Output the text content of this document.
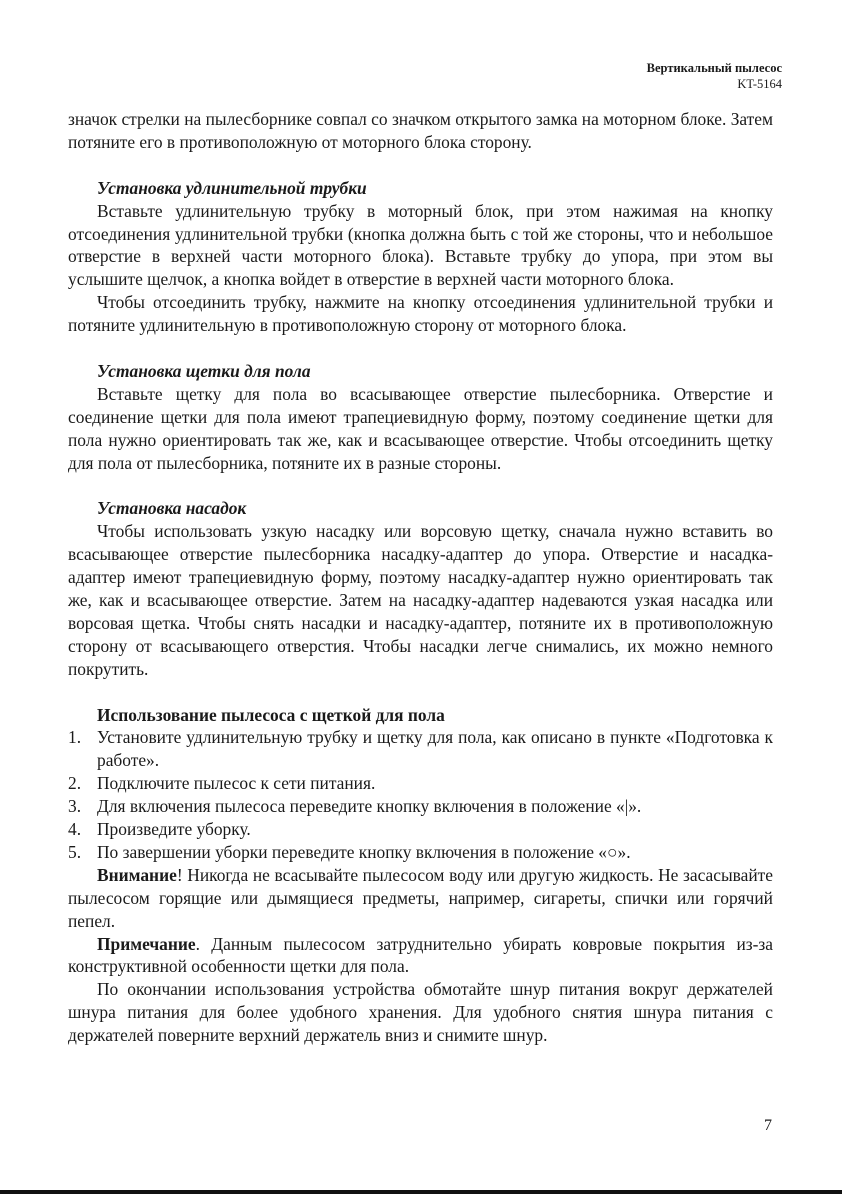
Вертикальный пылесос
KT-5164

значок стрелки на пылесборнике совпал со значком открытого замка на моторном блоке. Затем потяните его в противоположную от моторного блока сторону.

Установка удлинительной трубки

Вставьте удлинительную трубку в моторный блок, при этом нажимая на кнопку отсоединения удлинительной трубки (кнопка должна быть с той же стороны, что и небольшое отверстие в верхней части моторного блока). Вставьте трубку до упора, при этом вы услышите щелчок, а кнопка войдет в отверстие в верхней части моторного блока.

Чтобы отсоединить трубку, нажмите на кнопку отсоединения удлинительной трубки и потяните удлинительную в противоположную сторону от моторного блока.

Установка щетки для пола

Вставьте щетку для пола во всасывающее отверстие пылесборника. Отверстие и соединение щетки для пола имеют трапециевидную форму, поэтому соединение щетки для пола нужно ориентировать так же, как и всасывающее отверстие. Чтобы отсоединить щетку для пола от пылесборника, потяните их в разные стороны.

Установка насадок

Чтобы использовать узкую насадку или ворсовую щетку, сначала нужно вставить во всасывающее отверстие пылесборника насадку-адаптер до упора. Отверстие и насадка-адаптер имеют трапециевидную форму, поэтому насадку-адаптер нужно ориентировать так же, как и всасывающее отверстие. Затем на насадку-адаптер надеваются узкая насадка или ворсовая щетка. Чтобы снять насадки и насадку-адаптер, потяните их в противоположную сторону от всасывающего отверстия. Чтобы насадки легче снимались, их можно немного покрутить.

Использование пылесоса с щеткой для пола
1. Установите удлинительную трубку и щетку для пола, как описано в пункте «Подготовка к работе».
2. Подключите пылесос к сети питания.
3. Для включения пылесоса переведите кнопку включения в положение «|».
4. Произведите уборку.
5. По завершении уборки переведите кнопку включения в положение «○».

Внимание! Никогда не всасывайте пылесосом воду или другую жидкость. Не засасывайте пылесосом горящие или дымящиеся предметы, например, сигареты, спички или горячий пепел.

Примечание. Данным пылесосом затруднительно убирать ковровые покрытия из-за конструктивной особенности щетки для пола.

По окончании использования устройства обмотайте шнур питания вокруг держателей шнура питания для более удобного хранения. Для удобного снятия шнура питания с держателей поверните верхний держатель вниз и снимите шнур.

7
